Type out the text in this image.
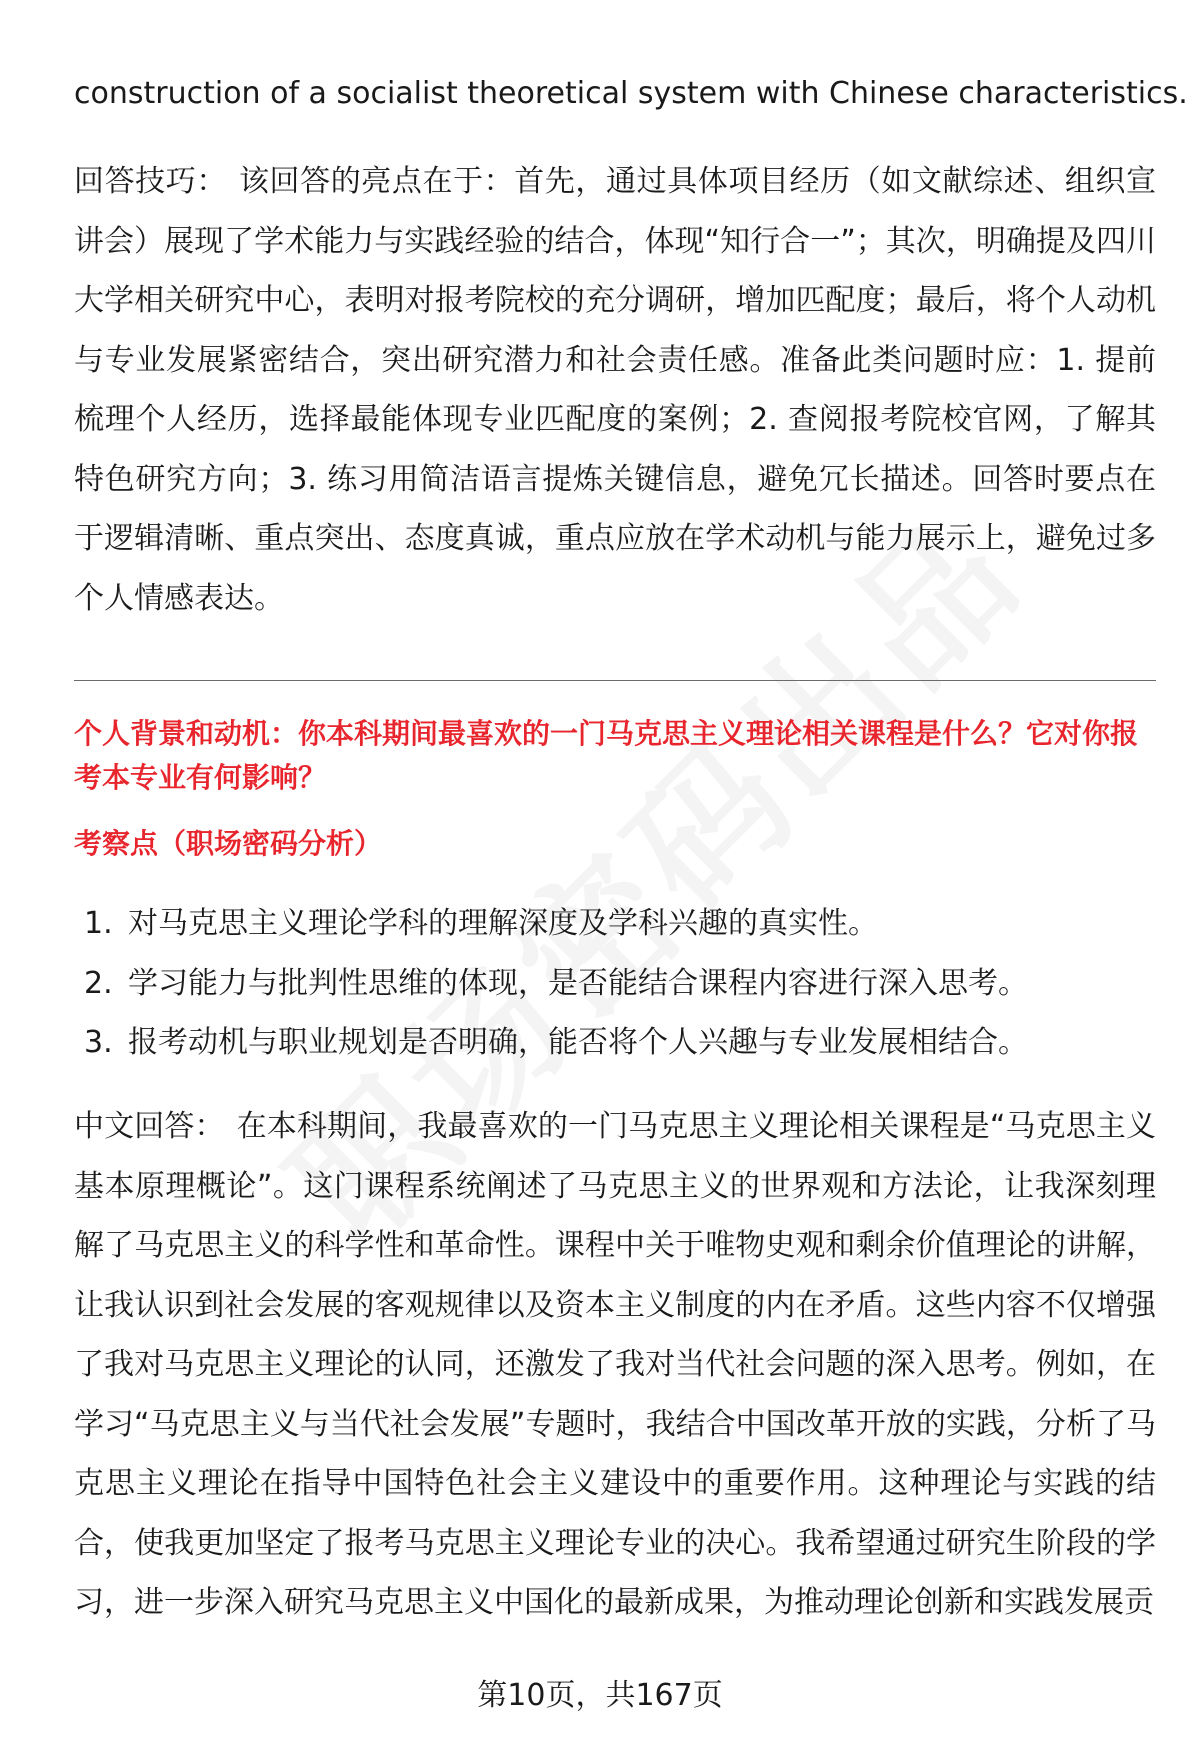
construction of a socialist theoretical system with Chinese characteristics.

回答技巧： 该回答的亮点在于：首先，通过具体项目经历（如文献综述、组织宣讲会）展现了学术能力与实践经验的结合，体现“知行合一”；其次，明确提及四川大学相关研究中心，表明对报考院校的充分调研，增加匹配度；最后，将个人动机与专业发展紧密结合，突出研究潜力和社会责任感。准备此类问题时应：1. 提前梳理个人经历，选择最能体现专业匹配度的案例；2. 查阅报考院校官网，了解其特色研究方向；3. 练习用简洁语言提炼关键信息，避免冗长描述。回答时要点在于逻辑清晰、重点突出、态度真诚，重点应放在学术动机与能力展示上，避免过多个人情感表达。

个人背景和动机：你本科期间最喜欢的一门马克思主义理论相关课程是什么？它对你报考本专业有何影响？

考察点（职场密码分析）

1. 对马克思主义理论学科的理解深度及学科兴趣的真实性。
2. 学习能力与批判性思维的体现，是否能结合课程内容进行深入思考。
3. 报考动机与职业规划是否明确，能否将个人兴趣与专业发展相结合。

中文回答： 在本科期间，我最喜欢的一门马克思主义理论相关课程是“马克思主义基本原理概论”。这门课程系统阐述了马克思主义的世界观和方法论，让我深刻理解了马克思主义的科学性和革命性。课程中关于唯物史观和剩余价值理论的讲解，让我认识到社会发展的客观规律以及资本主义制度的内在矛盾。这些内容不仅增强了我对马克思主义理论的认同，还激发了我对当代社会问题的深入思考。例如，在学习“马克思主义与当代社会发展”专题时，我结合中国改革开放的实践，分析了马克思主义理论在指导中国特色社会主义建设中的重要作用。这种理论与实践的结合，使我更加坚定了报考马克思主义理论专业的决心。我希望通过研究生阶段的学习，进一步深入研究马克思主义中国化的最新成果，为推动理论创新和实践发展贡

第10页，共167页
